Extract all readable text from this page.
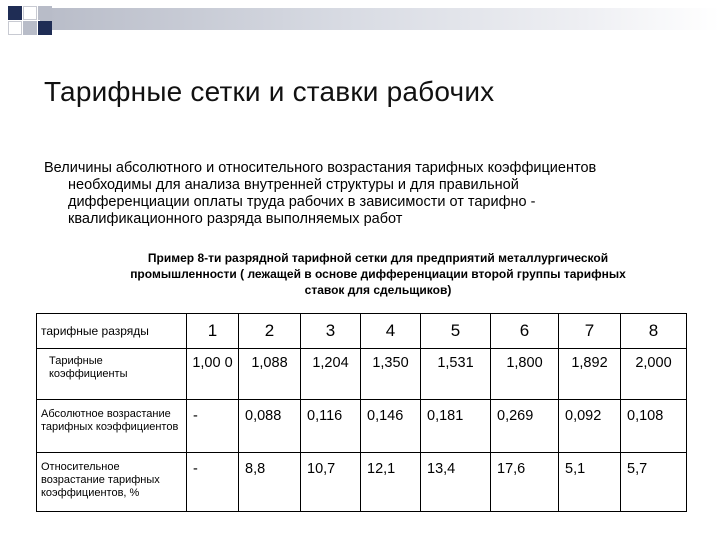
Тарифные сетки и ставки рабочих
Величины абсолютного и относительного возрастания тарифных коэффициентов
необходимы для анализа внутренней структуры и для правильной
дифференциации оплаты труда рабочих в зависимости от тарифно -
квалификационного разряда выполняемых работ
Пример 8-ти разрядной тарифной сетки для предприятий металлургической
промышленности ( лежащей в основе дифференциации второй группы тарифных
ставок для сдельщиков)
тарифные разряды	1	2	3	4	5	6	7	8
Тарифные коэффициенты	1,00 0	1,088	1,204	1,350	1,531	1,800	1,892	2,000
Абсолютное возрастание тарифных коэффициентов	-	0,088	0,116	0,146	0,181	0,269	0,092	0,108
Относительное возрастание тарифных коэффициентов, %	-	8,8	10,7	12,1	13,4	17,6	5,1	5,7
